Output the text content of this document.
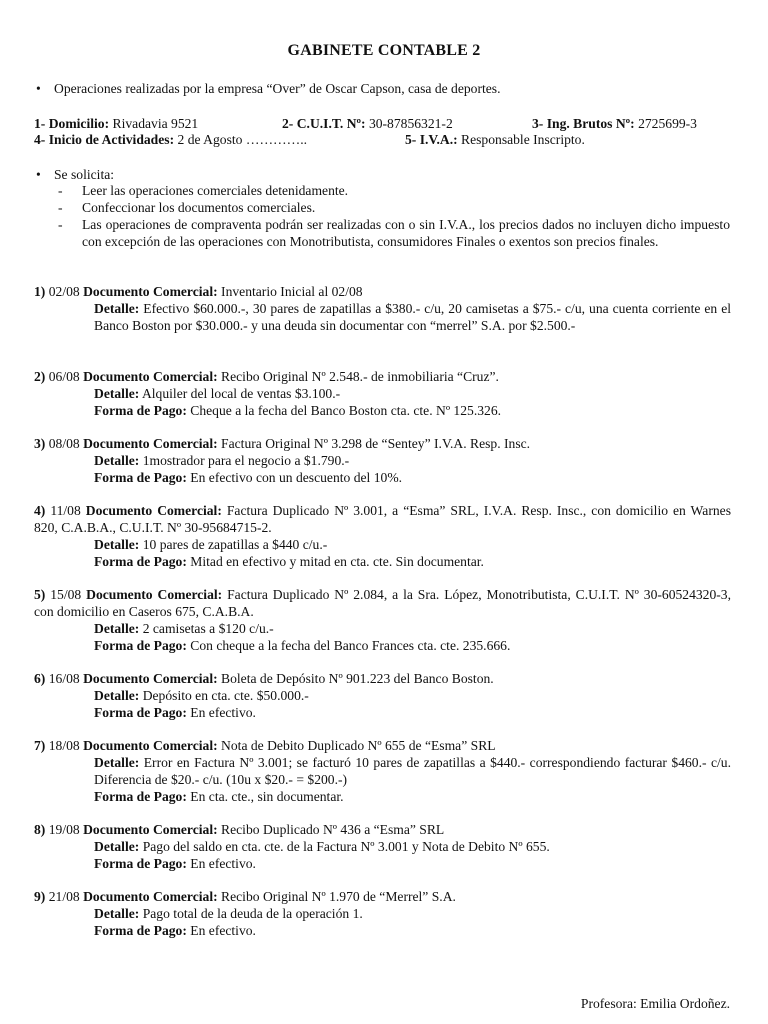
GABINETE CONTABLE 2
• Operaciones realizadas por la empresa “Over” de Oscar Capson, casa de deportes.
1- Domicilio: Rivadavia 9521	2- C.U.I.T. Nº: 30-87856321-2	3- Ing. Brutos Nº: 2725699-3
4- Inicio de Actividades: 2 de Agosto …………..	5- I.V.A.: Responsable Inscripto.
• Se solicita:
- Leer las operaciones comerciales detenidamente.
- Confeccionar los documentos comerciales.
- Las operaciones de compraventa podrán ser realizadas con o sin I.V.A., los precios dados no incluyen dicho impuesto con excepción de las operaciones con Monotributista, consumidores Finales o exentos son precios finales.
1) 02/08 Documento Comercial: Inventario Inicial al 02/08
Detalle: Efectivo $60.000.-, 30 pares de zapatillas a $380.- c/u, 20 camisetas a $75.- c/u, una cuenta corriente en el Banco Boston por $30.000.- y una deuda sin documentar con “merrel” S.A. por $2.500.-
2) 06/08 Documento Comercial: Recibo Original Nº 2.548.- de inmobiliaria “Cruz”.
Detalle: Alquiler del local de ventas $3.100.-
Forma de Pago: Cheque a la fecha del Banco Boston cta. cte. Nº 125.326.
3) 08/08 Documento Comercial: Factura Original Nº 3.298 de “Sentey” I.V.A. Resp. Insc.
Detalle: 1mostrador para el negocio a $1.790.-
Forma de Pago: En efectivo con un descuento del 10%.
4) 11/08 Documento Comercial: Factura Duplicado Nº 3.001, a “Esma” SRL, I.V.A. Resp. Insc., con domicilio en Warnes 820, C.A.B.A., C.U.I.T. Nº 30-95684715-2.
Detalle: 10 pares de zapatillas a $440 c/u.-
Forma de Pago: Mitad en efectivo y mitad en cta. cte. Sin documentar.
5) 15/08 Documento Comercial: Factura Duplicado Nº 2.084, a la Sra. López, Monotributista, C.U.I.T. Nº 30-60524320-3, con domicilio en Caseros 675, C.A.B.A.
Detalle: 2 camisetas a $120 c/u.-
Forma de Pago: Con cheque a la fecha del Banco Frances cta. cte. 235.666.
6) 16/08 Documento Comercial: Boleta de Depósito Nº 901.223 del Banco Boston.
Detalle: Depósito en cta. cte. $50.000.-
Forma de Pago: En efectivo.
7) 18/08 Documento Comercial: Nota de Debito Duplicado Nº 655 de “Esma” SRL
Detalle: Error en Factura Nº 3.001; se facturó 10 pares de zapatillas a $440.- correspondiendo facturar $460.- c/u. Diferencia de $20.- c/u. (10u x $20.- = $200.-)
Forma de Pago: En cta. cte., sin documentar.
8) 19/08 Documento Comercial: Recibo Duplicado Nº 436 a “Esma” SRL
Detalle: Pago del saldo en cta. cte. de la Factura Nº 3.001 y Nota de Debito Nº 655.
Forma de Pago: En efectivo.
9) 21/08 Documento Comercial: Recibo Original Nº 1.970 de “Merrel” S.A.
Detalle: Pago total de la deuda de la operación 1.
Forma de Pago: En efectivo.
Profesora: Emilia Ordoñez.
